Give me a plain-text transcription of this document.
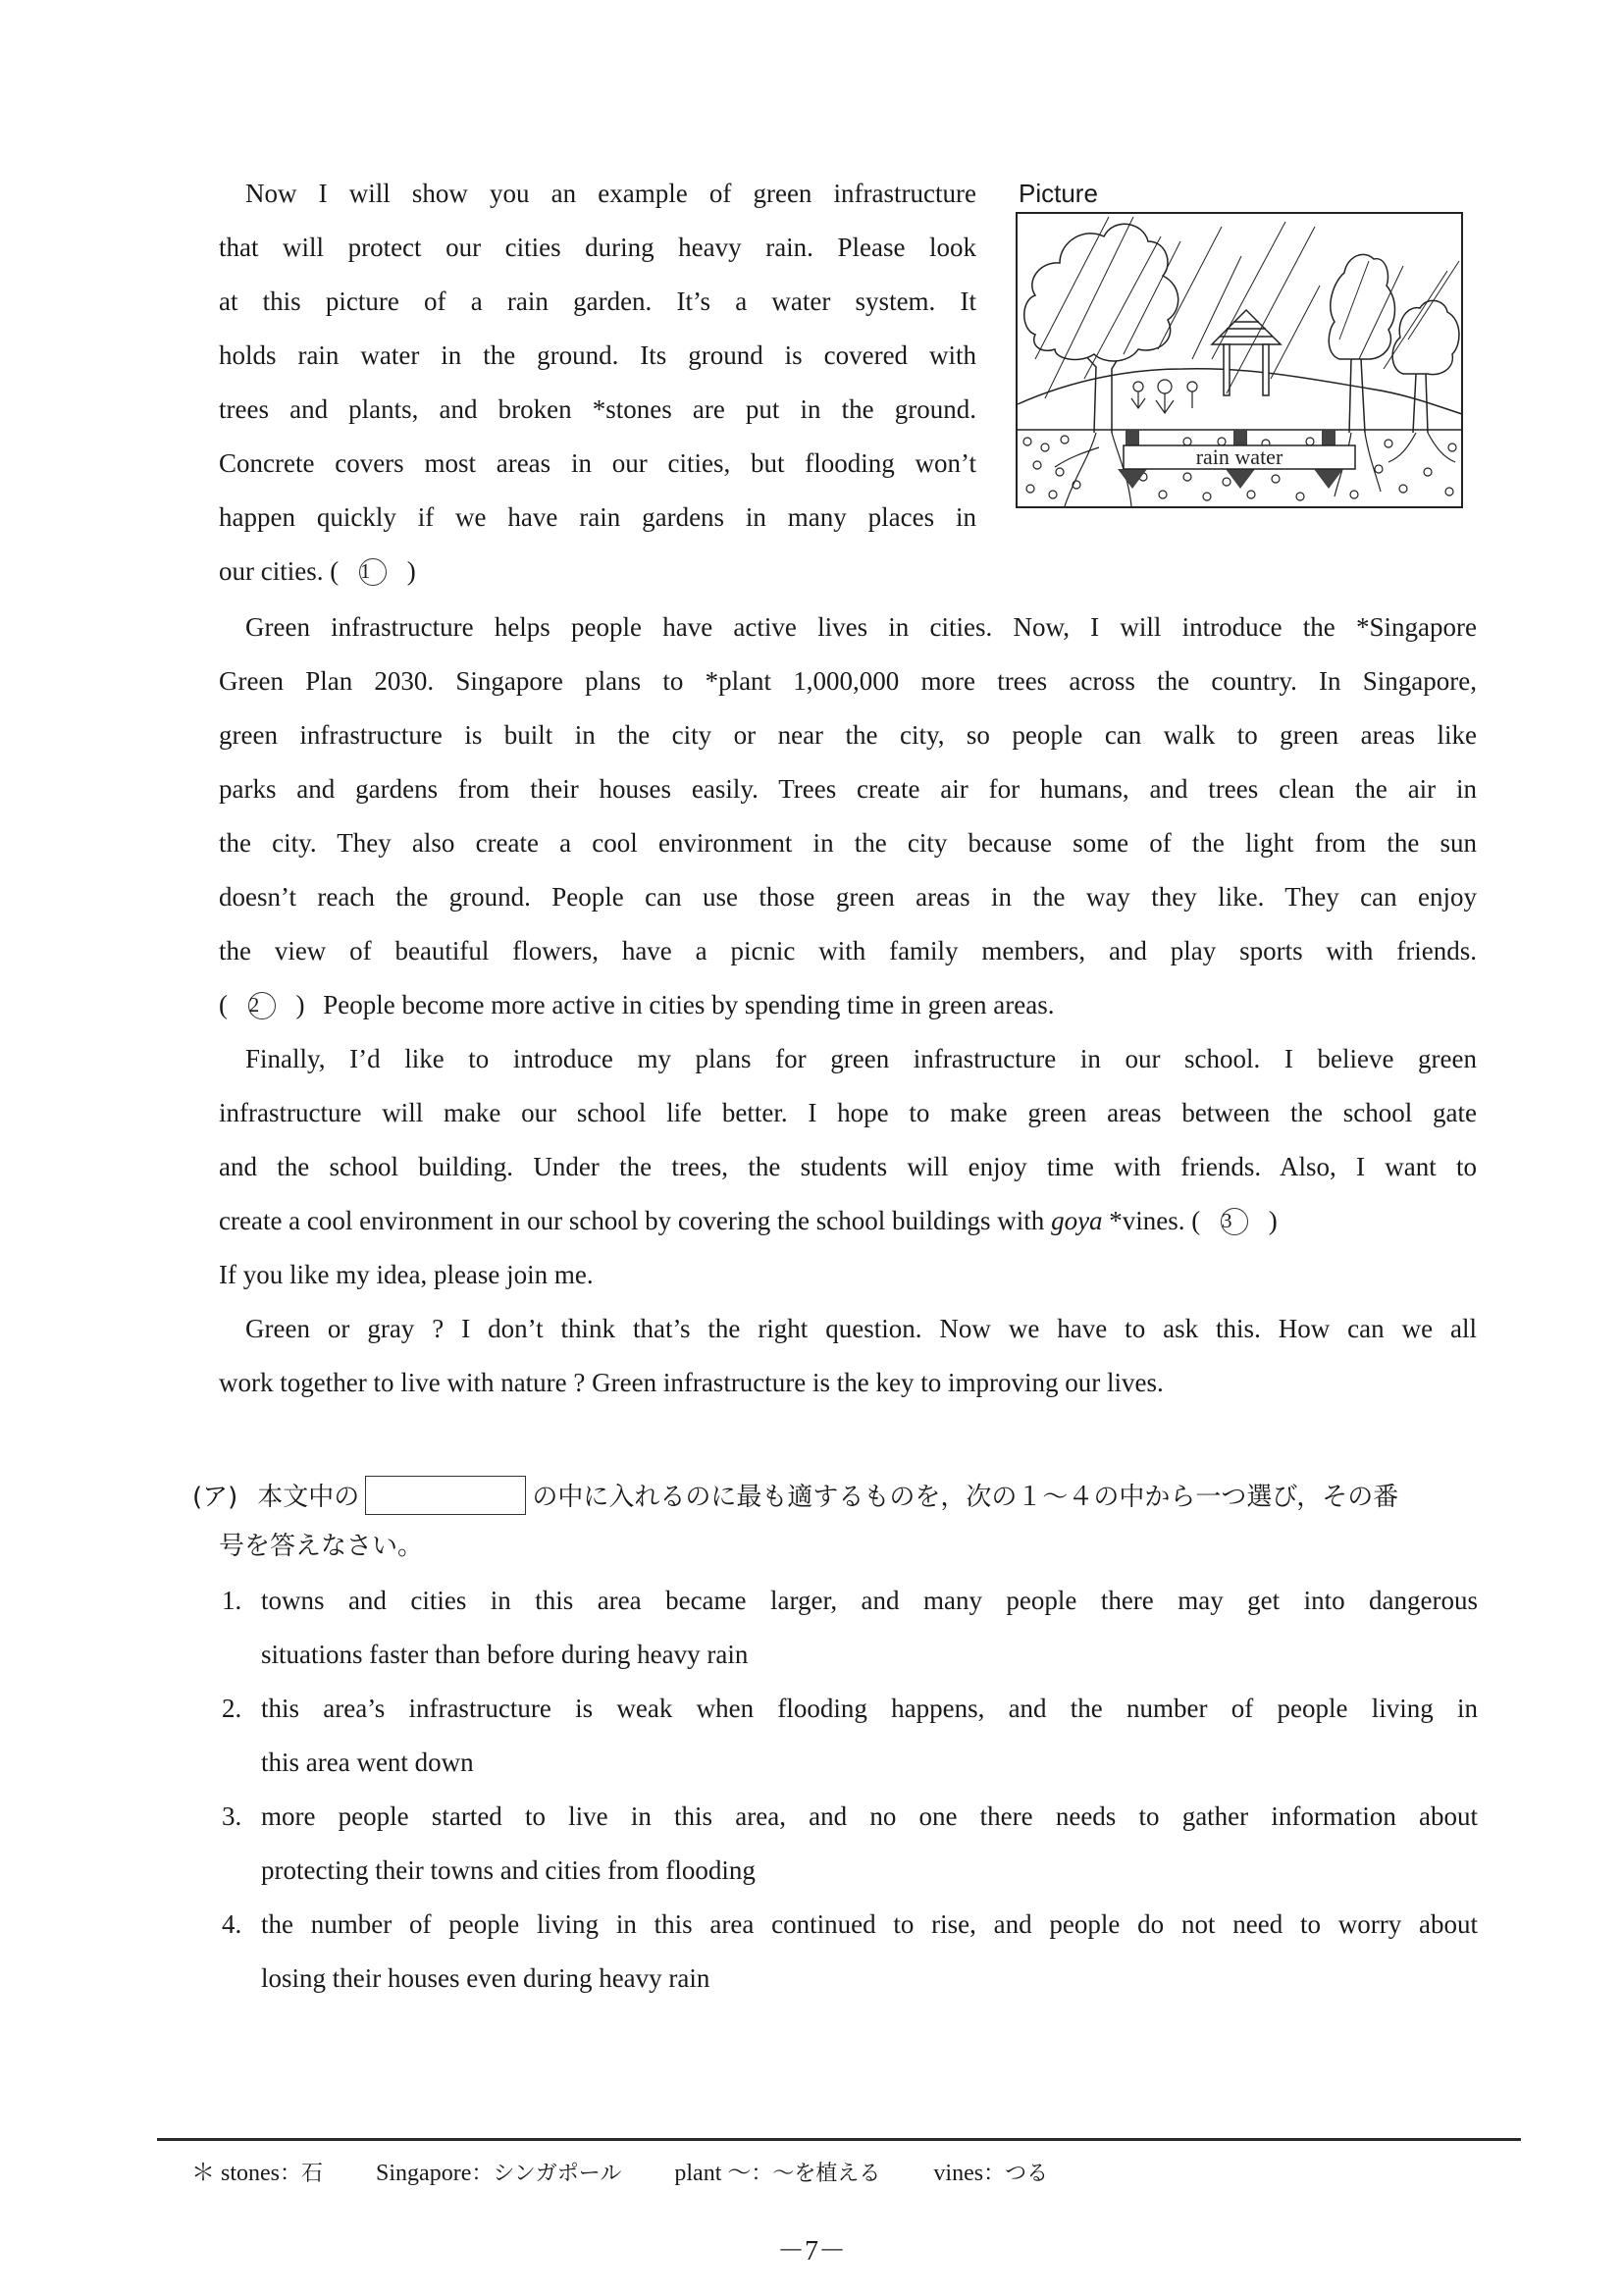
Now I will show you an example of green infrastructure
that will protect our cities during heavy rain. Please look
at this picture of a rain garden. It’s a water system. It
holds rain water in the ground. Its ground is covered with
trees and plants, and broken *stones are put in the ground.
Concrete covers most areas in our cities, but flooding won’t
happen quickly if we have rain gardens in many places in
our cities. ( 1 )
Picture
rain water
Green infrastructure helps people have active lives in cities. Now, I will introduce the *Singapore
Green Plan 2030. Singapore plans to *plant 1,000,000 more trees across the country. In Singapore,
green infrastructure is built in the city or near the city, so people can walk to green areas like
parks and gardens from their houses easily. Trees create air for humans, and trees clean the air in
the city. They also create a cool environment in the city because some of the light from the sun
doesn’t reach the ground. People can use those green areas in the way they like. They can enjoy
the view of beautiful flowers, have a picnic with family members, and play sports with friends.
( 2 ) People become more active in cities by spending time in green areas.
Finally, I’d like to introduce my plans for green infrastructure in our school. I believe green
infrastructure will make our school life better. I hope to make green areas between the school gate
and the school building. Under the trees, the students will enjoy time with friends. Also, I want to
create a cool environment in our school by covering the school buildings with goya *vines. ( 3 )
If you like my idea, please join me.
Green or gray ? I don’t think that’s the right question. Now we have to ask this. How can we all
work together to live with nature ? Green infrastructure is the key to improving our lives.
(ア) 本文中の	の中に入れるのに最も適するものを，次の１～４の中から一つ選び，その番
号を答えなさい。
1. towns and cities in this area became larger, and many people there may get into dangerous
situations faster than before during heavy rain
2. this area’s infrastructure is weak when flooding happens, and the number of people living in
this area went down
3. more people started to live in this area, and no one there needs to gather information about
protecting their towns and cities from flooding
4. the number of people living in this area continued to rise, and people do not need to worry about
losing their houses even during heavy rain
＊ stones：石 Singapore：シンガポール plant ～：～を植える vines：つる
－7－
